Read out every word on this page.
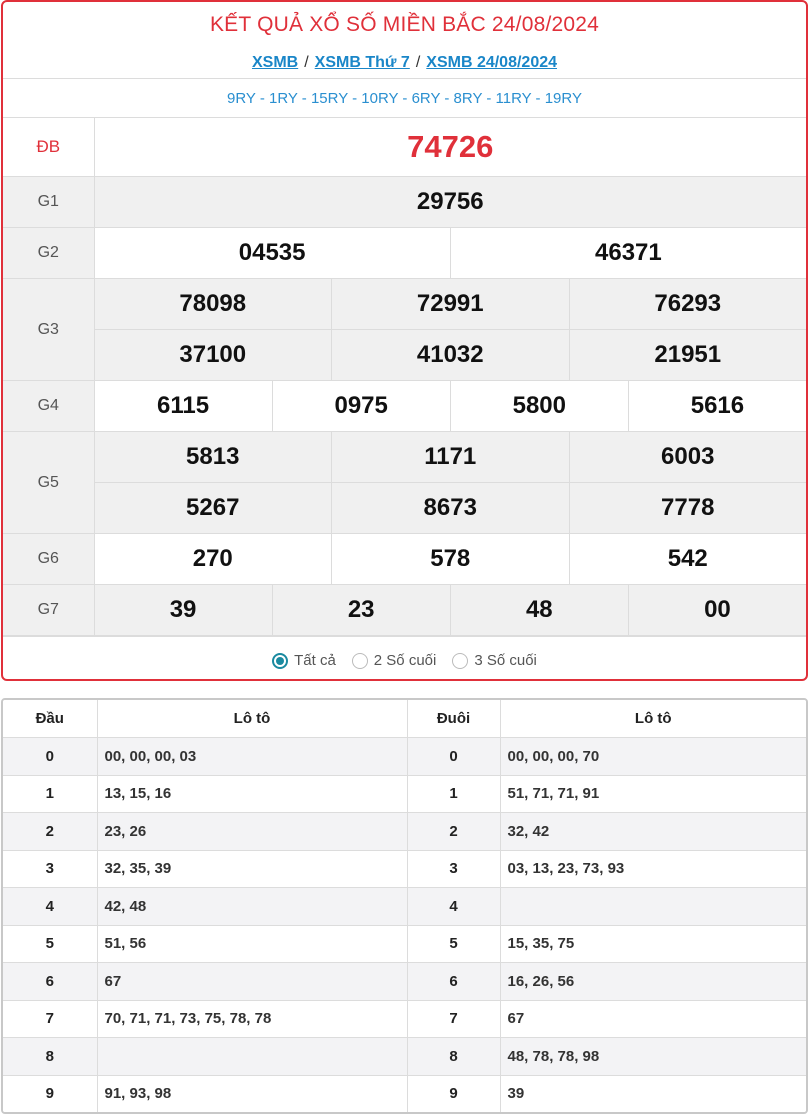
KẾT QUẢ XỔ SỐ MIỀN BẮC 24/08/2024
XSMB / XSMB Thứ 7 / XSMB 24/08/2024
9RY - 1RY - 15RY - 10RY - 6RY - 8RY - 11RY - 19RY
ĐB	74726
G1	29756
G2	04535 46371

G3	78098 72991 76293

37100 41032 21951

G4	6115 0975 5800 5616

G5	5813 1171 6003

5267 8673 7778

G6	270 578 542

G7	39 23 48 00
Tất cả	2 Số cuối	3 Số cuối
Đầu	Lô tô	Đuôi	Lô tô
0	00, 00, 00, 03	0	00, 00, 00, 70
1	13, 15, 16	1	51, 71, 71, 91
2	23, 26	2	32, 42
3	32, 35, 39	3	03, 13, 23, 73, 93
4	42, 48	4	
5	51, 56	5	15, 35, 75
6	67	6	16, 26, 56
7	70, 71, 71, 73, 75, 78, 78	7	67
8		8	48, 78, 78, 98
9	91, 93, 98	9	39
